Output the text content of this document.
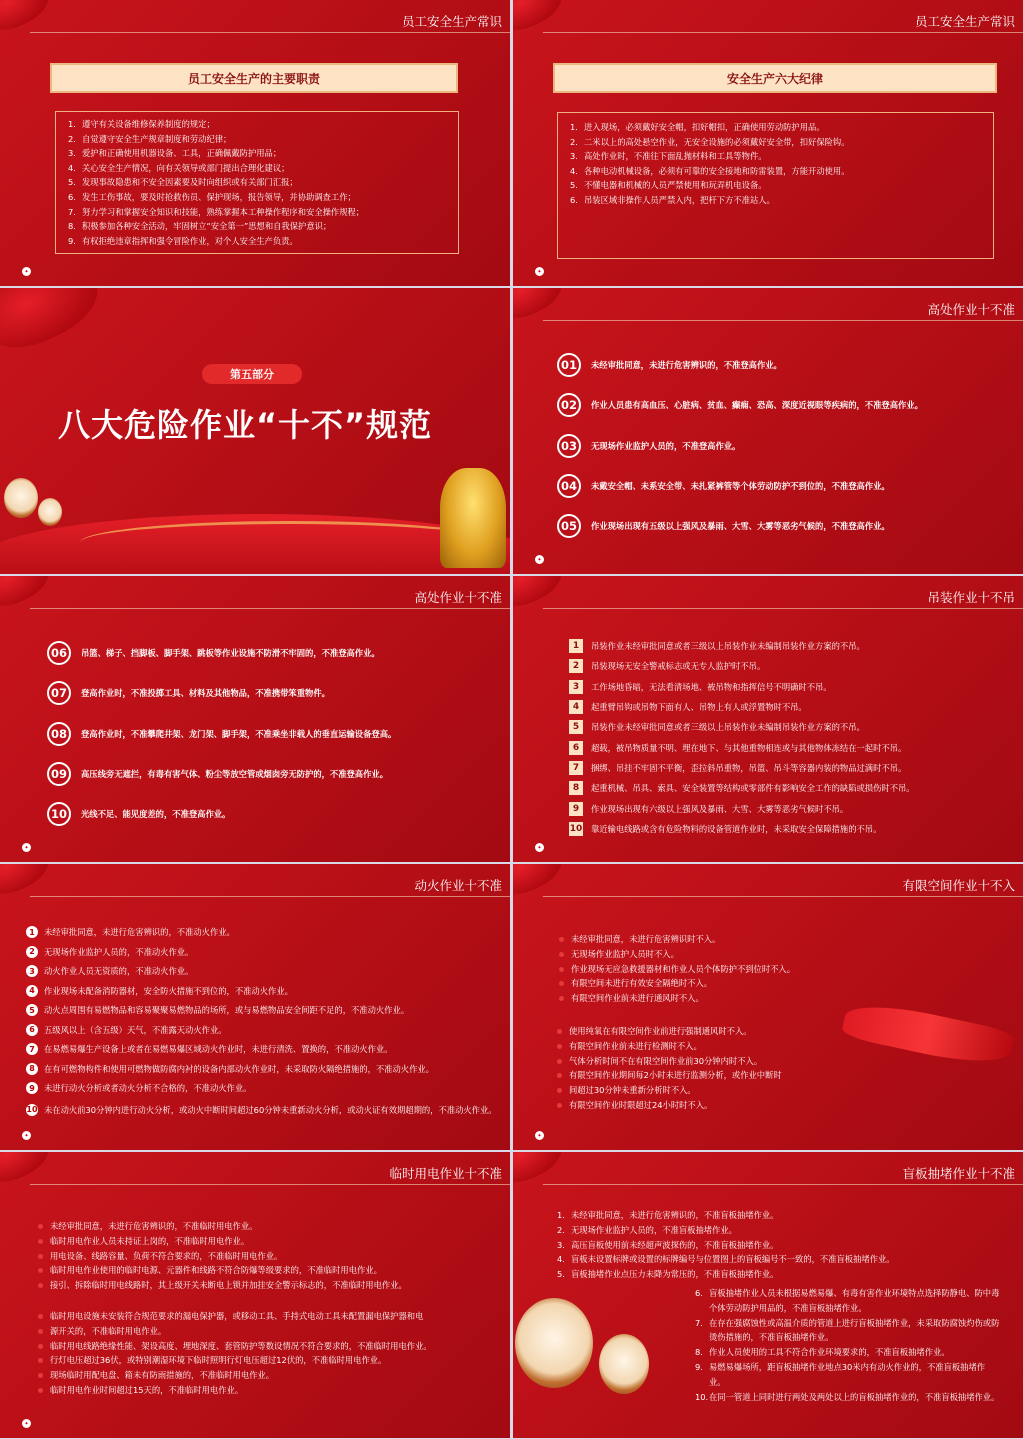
员工安全生产常识
员工安全生产的主要职责
1. 遵守有关设备维修保养制度的规定；
2. 自觉遵守安全生产规章制度和劳动纪律；
3. 爱护和正确使用机器设备、工具，正确佩戴防护用品；
4. 关心安全生产情况，向有关领导或部门提出合理化建议；
5. 发现事故隐患和不安全因素要及时向组织或有关部门汇报；
6. 发生工伤事故，要及时抢救伤员、保护现场，报告领导，并协助调查工作；
7. 努力学习和掌握安全知识和技能，熟练掌握本工种操作程序和安全操作规程；
8. 积极参加各种安全活动，牢固树立“安全第一”思想和自我保护意识；
9. 有权拒绝违章指挥和强令冒险作业，对个人安全生产负责。
✦
员工安全生产常识
安全生产六大纪律
1. 进入现场，必须戴好安全帽，扣好帽扣，正确使用劳动防护用品。
2. 二米以上的高处悬空作业，无安全设施的必须戴好安全带，扣好保险钩。
3. 高处作业时，不准往下面乱抛材料和工具等物件。
4. 各种电动机械设备，必须有可靠的安全接地和防雷装置，方能开动使用。
5. 不懂电器和机械的人员严禁使用和玩弄机电设备。
6. 吊装区域非操作人员严禁入内，把杆下方不准站人。
✦
第五部分
八大危险作业“十不”规范
高处作业十不准
01	未经审批同意，未进行危害辨识的，不准登高作业。
02	作业人员患有高血压、心脏病、贫血、癫痫、恐高、深度近视眼等疾病的，不准登高作业。
03	无现场作业监护人员的，不准登高作业。
04	未戴安全帽、未系安全带、未扎紧裤管等个体劳动防护不到位的，不准登高作业。
05	作业现场出现有五级以上强风及暴雨、大雪、大雾等恶劣气候的，不准登高作业。
✦
高处作业十不准
06	吊篮、梯子、挡脚板、脚手架、跳板等作业设施不防滑不牢固的，不准登高作业。
07	登高作业时，不准投掷工具、材料及其他物品，不准携带笨重物件。
08	登高作业时，不准攀爬井架、龙门架、脚手架，不准乘坐非载人的垂直运输设备登高。
09	高压线旁无遮拦，有毒有害气体、粉尘等放空管或烟囱旁无防护的，不准登高作业。
10	光线不足、能见度差的，不准登高作业。
✦
吊装作业十不吊
1	吊装作业未经审批同意或者三级以上吊装作业未编制吊装作业方案的不吊。
2	吊装现场无安全警戒标志或无专人监护时不吊。
3	工作场地昏暗，无法看清场地、被吊物和指挥信号不明确时不吊。
4	起重臂吊钩或吊物下面有人、吊物上有人或浮置物时不吊。
5	吊装作业未经审批同意或者三级以上吊装作业未编制吊装作业方案的不吊。
6	超载，被吊物质量不明、埋在地下、与其他重物相连或与其他物体冻结在一起时不吊。
7	捆绑、吊挂不牢固不平衡，歪拉斜吊重物，吊篮、吊斗等容器内装的物品过满时不吊。
8	起重机械、吊具、索具、安全装置等结构或零部件有影响安全工作的缺陷或损伤时不吊。
9	作业现场出现有六级以上强风及暴雨、大雪、大雾等恶劣气候时不吊。
10 靠近输电线路或含有危险物料的设备管道作业时，未采取安全保障措施的不吊。
✦
动火作业十不准
1	未经审批同意，未进行危害辨识的，不准动火作业。
2	无现场作业监护人员的，不准动火作业。
3	动火作业人员无资质的，不准动火作业。
4	作业现场未配备消防器材，安全防火措施不到位的，不准动火作业。
5	动火点周围有易燃物品和容易聚聚易燃物品的场所，或与易燃物品安全间距不足的，不准动火作业。
6	五级风以上（含五级）天气，不准露天动火作业。
7	在易燃易爆生产设备上或者在易燃易爆区域动火作业时，未进行清洗、置换的，不准动火作业。
8	在有可燃物构件和使用可燃物做防腐内衬的设备内部动火作业时，未采取防火隔绝措施的，不准动火作业。
9	未进行动火分析或者动火分析不合格的，不准动火作业。
10 未在动火前30分钟内进行动火分析，或动火中断时间超过60分钟未重新动火分析，或动火证有效期超期的，不准动火作业。
✦
有限空间作业十不入
未经审批同意，未进行危害辨识时不入。
无现场作业监护人员时不入。
作业现场无应急救援器材和作业人员个体防护不到位时不入。
有限空间未进行有效安全隔绝时不入。
有限空间作业前未进行通风时不入。
使用纯氧在有限空间作业前进行强制通风时不入。
有限空间作业前未进行检测时不入。
气体分析时间不在有限空间作业前30分钟内时不入。
有限空间作业期间每2小时未进行监测分析，或作业中断时
间超过30分钟未重新分析时不入。
有限空间作业时限超过24小时时不入。
✦
临时用电作业十不准
未经审批同意，未进行危害辨识的，不准临时用电作业。
临时用电作业人员未持证上岗的，不准临时用电作业。
用电设备、线路容量、负荷不符合要求的，不准临时用电作业。
临时用电作业使用的临时电源、元器件和线路不符合防爆等级要求的，不准临时用电作业。
接引、拆除临时用电线路时，其上级开关未断电上锁并加挂安全警示标志的，不准临时用电作业。
临时用电设施未安装符合规范要求的漏电保护器，或移动工具、手持式电动工具未配置漏电保护器和电
源开关的，不准临时用电作业。
临时用电线路绝缘性能、架设高度、埋地深度、套管防护等数设情况不符合要求的，不准临时用电作业。
行灯电压超过36伏，或特别潮湿环境下临时照明行灯电压超过12伏的，不准临时用电作业。
现场临时用配电盘、箱未有防雨措施的，不准临时用电作业。
临时用电作业时间超过15天的，不准临时用电作业。
✦
盲板抽堵作业十不准
1. 未经审批同意，未进行危害辨识的，不准盲板抽堵作业。
2. 无现场作业监护人员的，不准盲板抽堵作业。
3. 高压盲板使用前未经超声波探伤的，不准盲板抽堵作业。
4. 盲板未设置标牌或设置的标牌编号与位置图上的盲板编号不一致的，不准盲板抽堵作业。
5. 盲板抽堵作业点压力未降为常压的，不准盲板抽堵作业。
6. 盲板抽堵作业人员未根据易燃易爆、有毒有害作业环境特点选择防静电、防中毒个体劳动防护用品的，不准盲板抽堵作业。
7. 在存在强腐蚀性或高温介质的管道上进行盲板抽堵作业，未采取防腐蚀灼伤或防烫伤措施的，不准盲板抽堵作业。
8. 作业人员使用的工具不符合作业环境要求的，不准盲板抽堵作业。
9. 易燃易爆场所，距盲板抽堵作业地点30米内有动火作业的，不准盲板抽堵作业。
10. 在同一管道上同时进行两处及两处以上的盲板抽堵作业的，不准盲板抽堵作业。
